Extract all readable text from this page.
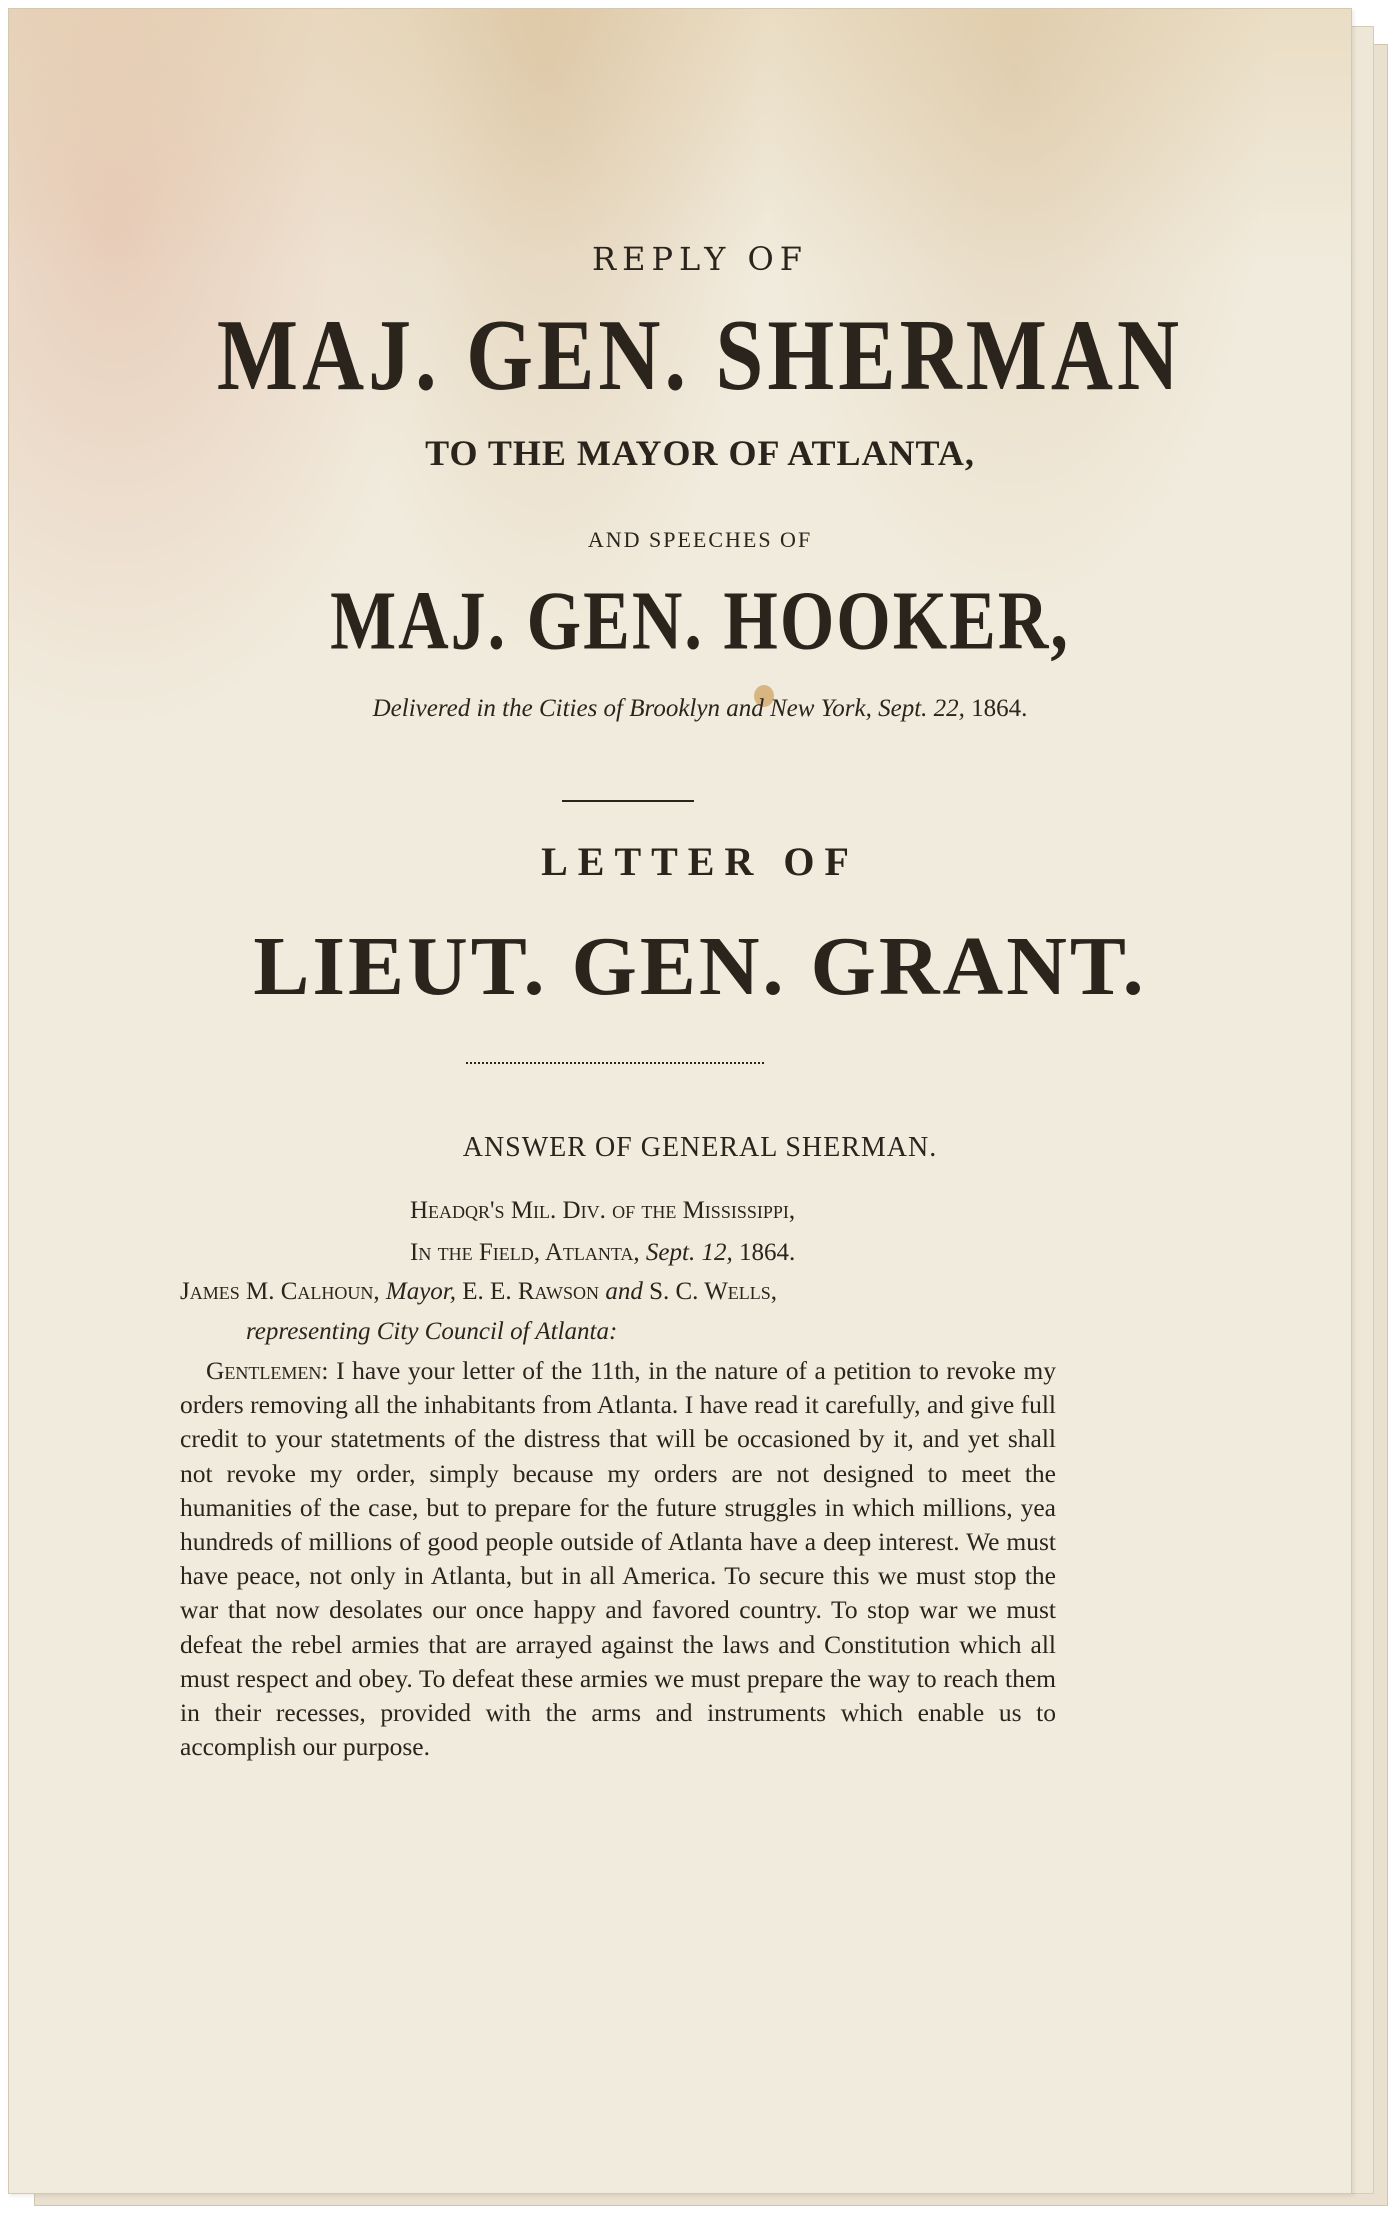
REPLY OF
MAJ. GEN. SHERMAN
TO THE MAYOR OF ATLANTA,
AND SPEECHES OF
MAJ. GEN. HOOKER,
Delivered in the Cities of Brooklyn and New York, Sept. 22, 1864.
LETTER OF
LIEUT. GEN. GRANT.
ANSWER OF GENERAL SHERMAN.
Headqr's Mil. Div. of the Mississippi,
In the Field, Atlanta, Sept. 12, 1864.
James M. Calhoun, Mayor, E. E. Rawson and S. C. Wells,
representing City Council of Atlanta:
Gentlemen: I have your letter of the 11th, in the nature of a petition to revoke my orders removing all the inhabitants from Atlanta. I have read it carefully, and give full credit to your statetments of the distress that will be occasioned by it, and yet shall not revoke my order, simply because my orders are not designed to meet the humanities of the case, but to prepare for the future struggles in which millions, yea hundreds of millions of good people outside of Atlanta have a deep interest. We must have peace, not only in Atlanta, but in all America. To secure this we must stop the war that now desolates our once happy and favored country. To stop war we must defeat the rebel armies that are arrayed against the laws and Constitution which all must respect and obey. To defeat these armies we must prepare the way to reach them in their recesses, provided with the arms and instruments which enable us to accomplish our purpose.
